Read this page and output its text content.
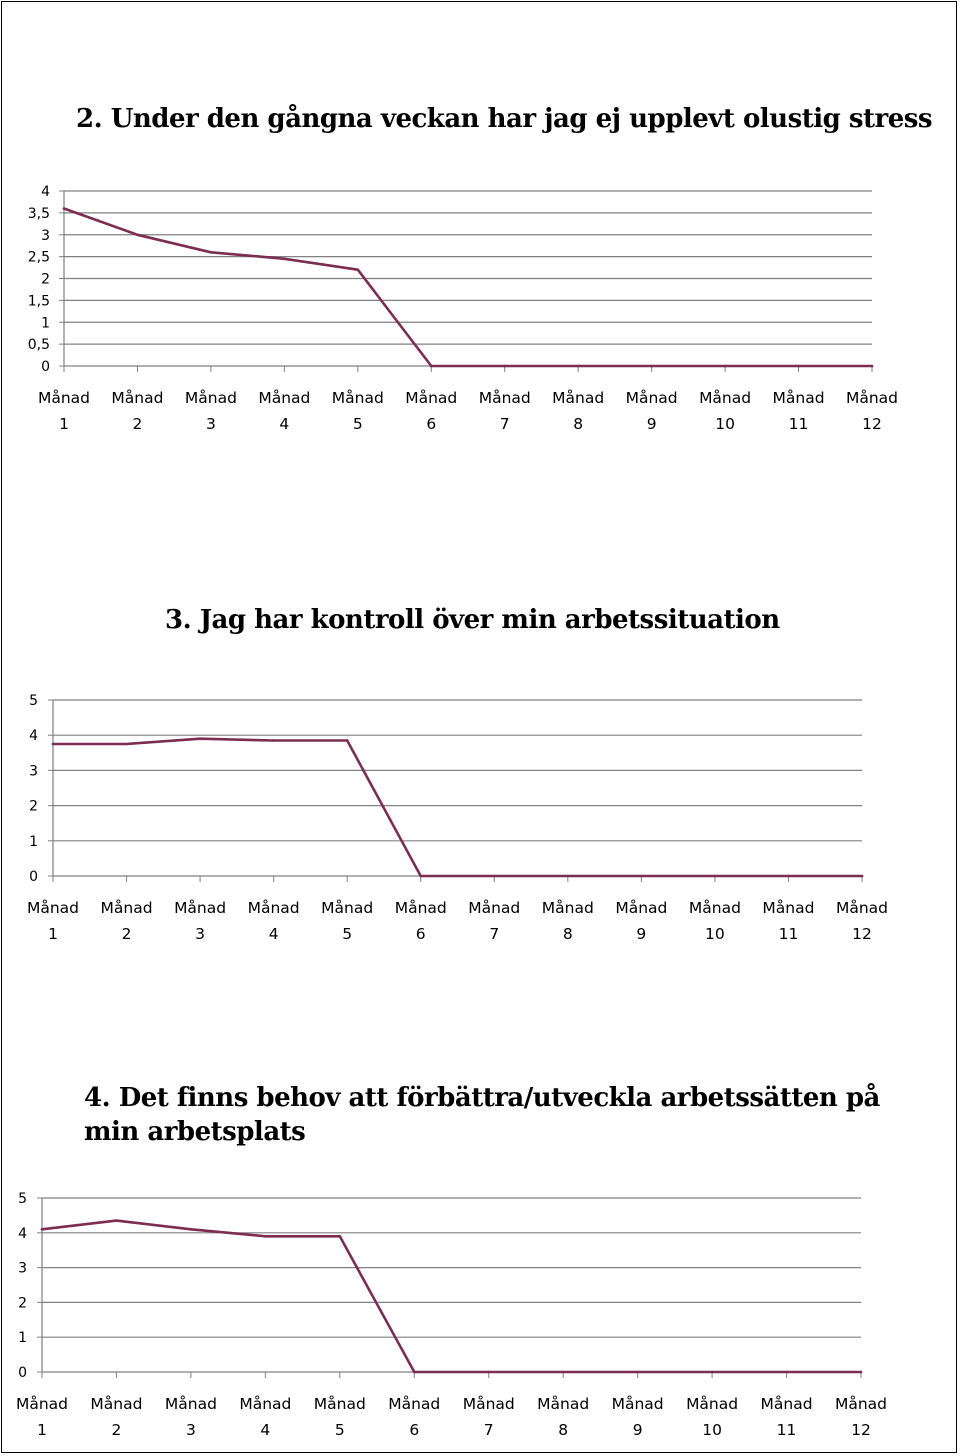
2. Under den gångna veckan har jag ej upplevt olustig stress
3. Jag har kontroll över min arbetssituation
4. Det finns behov att förbättra/utveckla arbetssätten på
min arbetsplats
0
0,5
1
1,5
2
2,5
3
3,5
4
Månad
1
Månad
2
Månad
3
Månad
4
Månad
5
Månad
6
Månad
7
Månad
8
Månad
9
Månad
10
Månad
11
Månad
12
0
1
2
3
4
5
Månad
1
Månad
2
Månad
3
Månad
4
Månad
5
Månad
6
Månad
7
Månad
8
Månad
9
Månad
10
Månad
11
Månad
12
0
1
2
3
4
5
Månad
1
Månad
2
Månad
3
Månad
4
Månad
5
Månad
6
Månad
7
Månad
8
Månad
9
Månad
10
Månad
11
Månad
12
